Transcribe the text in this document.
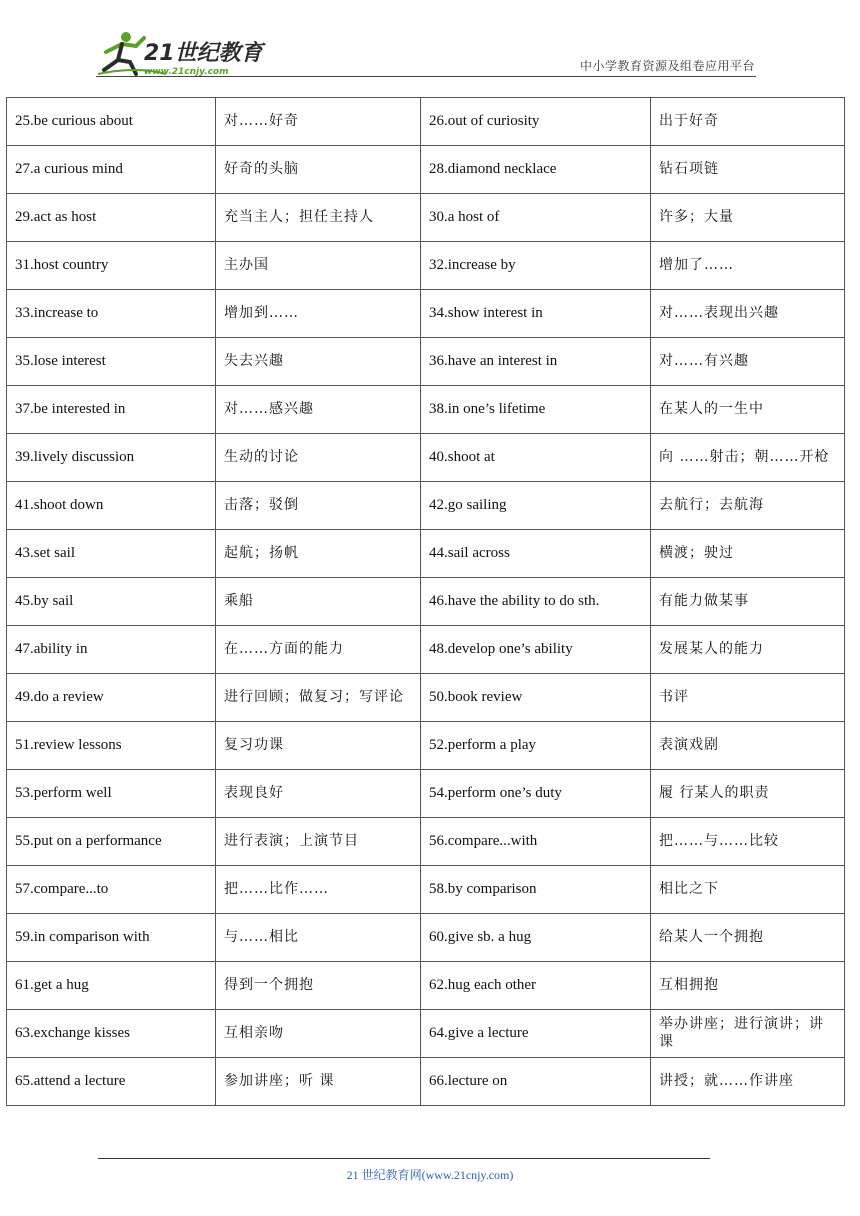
21世纪教育
www.21cnjy.com	中小学教育资源及组卷应用平台
25.be curious about	对……好奇	26.out of curiosity	出于好奇
27.a curious mind	好奇的头脑	28.diamond necklace	钻石项链
29.act as host	充当主人；担任主持人	30.a host of	许多；大量
31.host country	主办国	32.increase by	增加了……
33.increase to	增加到……	34.show interest in	对……表现出兴趣
35.lose interest	失去兴趣	36.have an interest in	对……有兴趣
37.be interested in	对……感兴趣	38.in one’s lifetime	在某人的一生中
39.lively discussion	生动的讨论	40.shoot at	向 ……射击；朝……开枪
41.shoot down	击落；驳倒	42.go sailing	去航行；去航海
43.set sail	起航；扬帆	44.sail across	横渡；驶过
45.by sail	乘船	46.have the ability to do sth.	有能力做某事
47.ability in	在……方面的能力	48.develop one’s ability	发展某人的能力
49.do a review	进行回顾；做复习；写评论	50.book review	书评
51.review lessons	复习功课	52.perform a play	表演戏剧
53.perform well	表现良好	54.perform one’s duty	履 行某人的职责
55.put on a performance	进行表演；上演节目	56.compare...with	把……与……比较
57.compare...to	把……比作……	58.by comparison	相比之下
59.in comparison with	与……相比	60.give sb. a hug	给某人一个拥抱
61.get a hug	得到一个拥抱	62.hug each other	互相拥抱
63.exchange kisses	互相亲吻	64.give a lecture	举办讲座；进行演讲；讲课
65.attend a lecture	参加讲座；听 课	66.lecture on	讲授；就……作讲座
21 世纪教育网(www.21cnjy.com)
